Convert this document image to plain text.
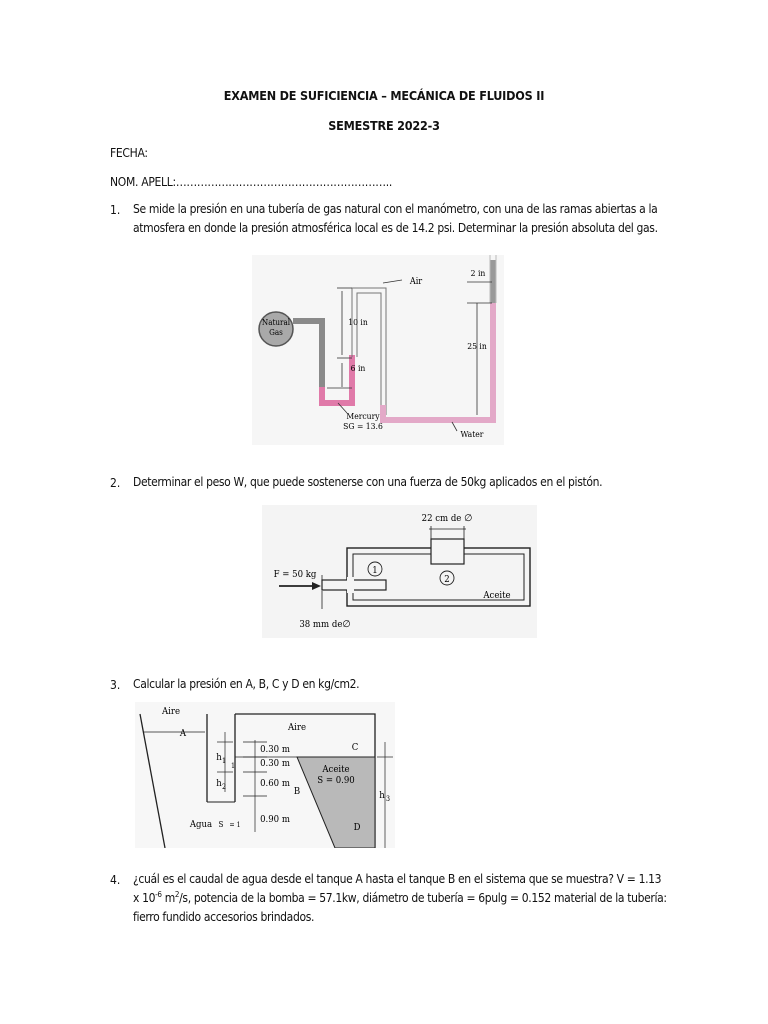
EXAMEN DE SUFICIENCIA – MECÁNICA DE FLUIDOS II
SEMESTRE 2022-3
FECHA:
NOM. APELL:……………………………………………………..
1. Se mide la presión en una tubería de gas natural con el manómetro, con una de las ramas abiertas a la atmosfera en donde la presión atmosférica local es de 14.2 psi. Determinar la presión absoluta del gas.
Natural
Gas
10 in
6 in
2 in
25 in
Air
Mercury
SG = 13.6
Water
2. Determinar el peso W, que puede sostenerse con una fuerza de 50kg aplicados en el pistón.
22 cm de ∅
1
2
Aceite
F = 50 kg
38 mm de∅
3. Calcular la presión en A, B, C y D en kg/cm2.
Aire
A
Aire
C
Aceite
S = 0.90
D
B
0.30 m
0.30 m
0.60 m
0.90 m
h 1
h 2
1
h 3
Agua S = 1
4. ¿cuál es el caudal de agua desde el tanque A hasta el tanque B en el sistema que se muestra? V = 1.13 x $10^{-6}$ $m^2/s$, potencia de la bomba = 57.1kw, diámetro de tubería = 6pulg = 0.152 material de la tubería: fierro fundido accesorios brindados.
